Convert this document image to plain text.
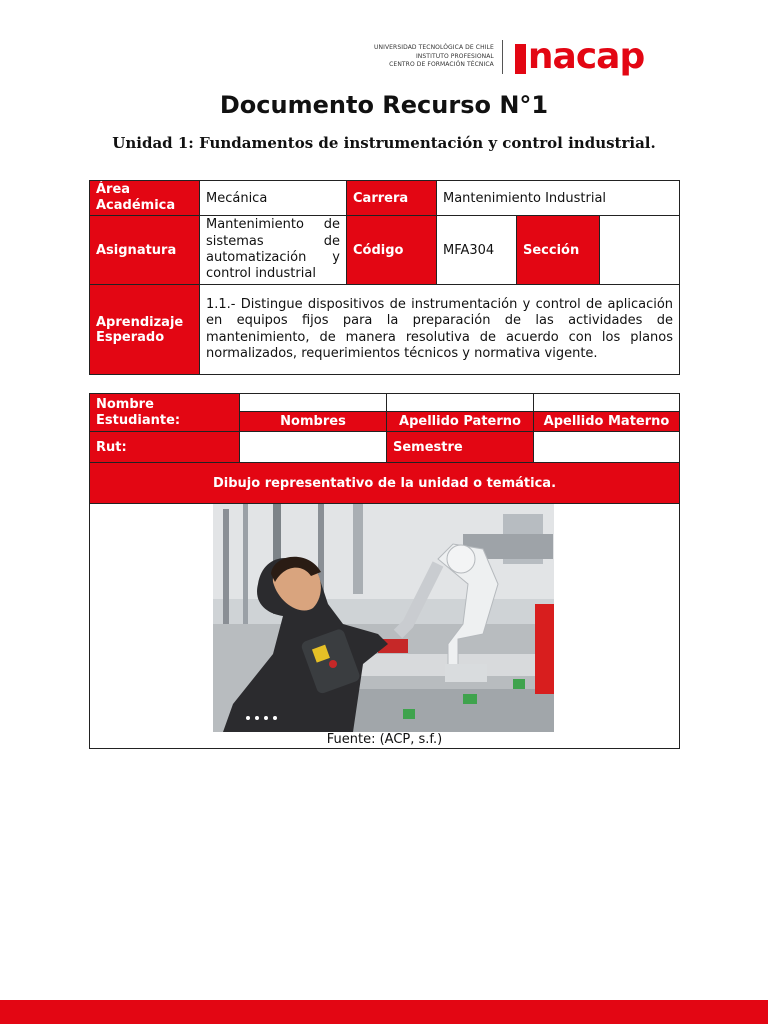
UNIVERSIDAD TECNOLÓGICA DE CHILE
INSTITUTO PROFESIONAL
CENTRO DE FORMACIÓN TÉCNICA nacap
Documento Recurso N°1
Unidad 1: Fundamentos de instrumentación y control industrial.
Área Académica	Mecánica	Carrera	Mantenimiento Industrial		
Asignatura	Mantenimiento de sistemas de automatización y control industrial	Código	MFA304	Sección	
Aprendizaje Esperado	1.1.- Distingue dispositivos de instrumentación y control de aplicación en equipos fijos para la preparación de las actividades de mantenimiento, de manera resolutiva de acuerdo con los planos normalizados, requerimientos técnicos y normativa vigente.				
Nombre Estudiante:			
	Nombres	Apellido Paterno	Apellido Materno
Rut:		Semestre	
Dibujo representativo de la unidad o temática.			

Fuente: (ACP, s.f.)			
